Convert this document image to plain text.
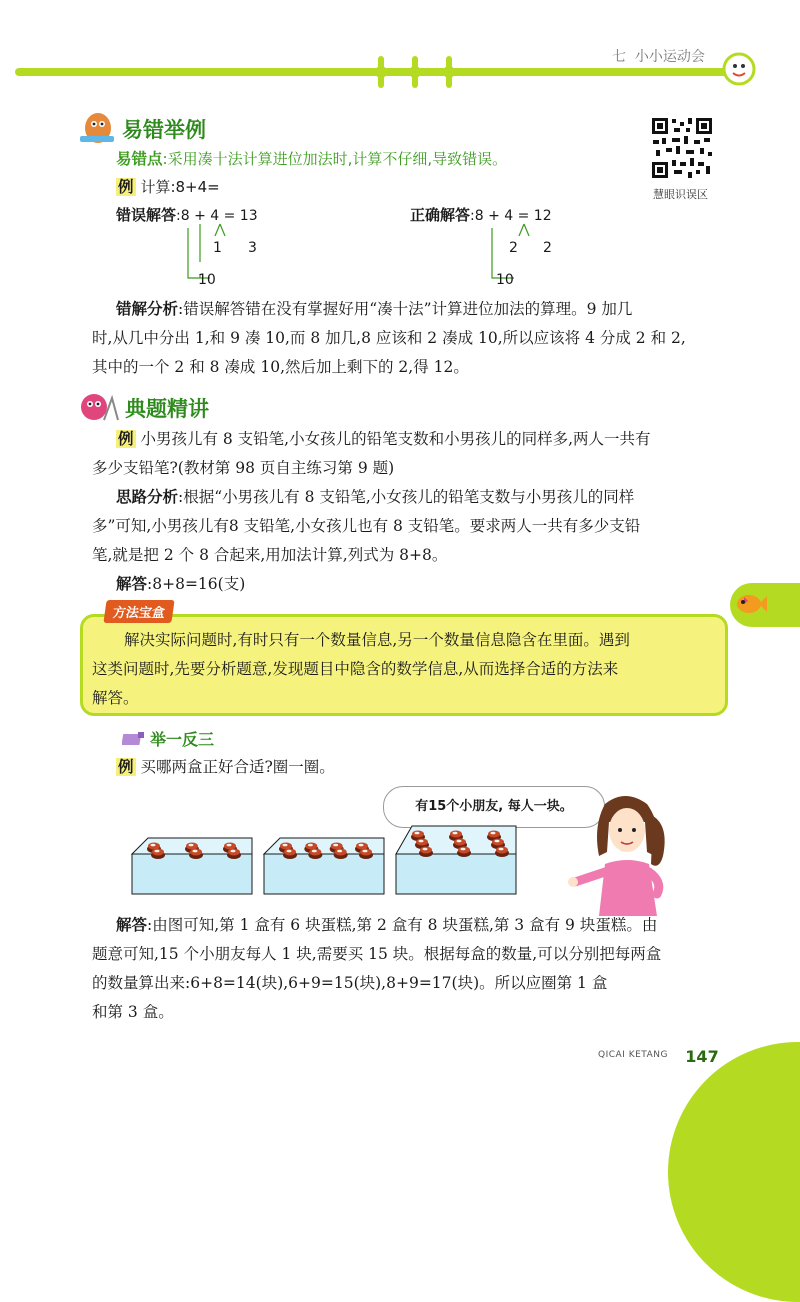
七 小小运动会
易错举例
慧眼识误区
易错点:采用凑十法计算进位加法时,计算不仔细,导致错误。
例 计算:8+4=
错误解答:8 + 4 = 13
1 3
10
正确解答:8 + 4 = 12
2 2
10
错解分析:错误解答错在没有掌握好用“凑十法”计算进位加法的算理。9 加几
时,从几中分出 1,和 9 凑 10,而 8 加几,8 应该和 2 凑成 10,所以应该将 4 分成 2 和 2,
其中的一个 2 和 8 凑成 10,然后加上剩下的 2,得 12。
典题精讲
例 小男孩儿有 8 支铅笔,小女孩儿的铅笔支数和小男孩儿的同样多,两人一共有
多少支铅笔?(教材第 98 页自主练习第 9 题)
思路分析:根据“小男孩儿有 8 支铅笔,小女孩儿的铅笔支数与小男孩儿的同样
多”可知,小男孩儿有8 支铅笔,小女孩儿也有 8 支铅笔。要求两人一共有多少支铅
笔,就是把 2 个 8 合起来,用加法计算,列式为 8+8。
解答:8+8=16(支)
方法宝盒
解决实际问题时,有时只有一个数量信息,另一个数量信息隐含在里面。遇到
这类问题时,先要分析题意,发现题目中隐含的数学信息,从而选择合适的方法来
解答。
举一反三
例 买哪两盒正好合适?圈一圈。
有15个小朋友, 每人一块。
解答:由图可知,第 1 盒有 6 块蛋糕,第 2 盒有 8 块蛋糕,第 3 盒有 9 块蛋糕。由
题意可知,15 个小朋友每人 1 块,需要买 15 块。根据每盒的数量,可以分别把每两盒
的数量算出来:6+8=14(块),6+9=15(块),8+9=17(块)。所以应圈第 1 盒
和第 3 盒。
QICAI KETANG 147
